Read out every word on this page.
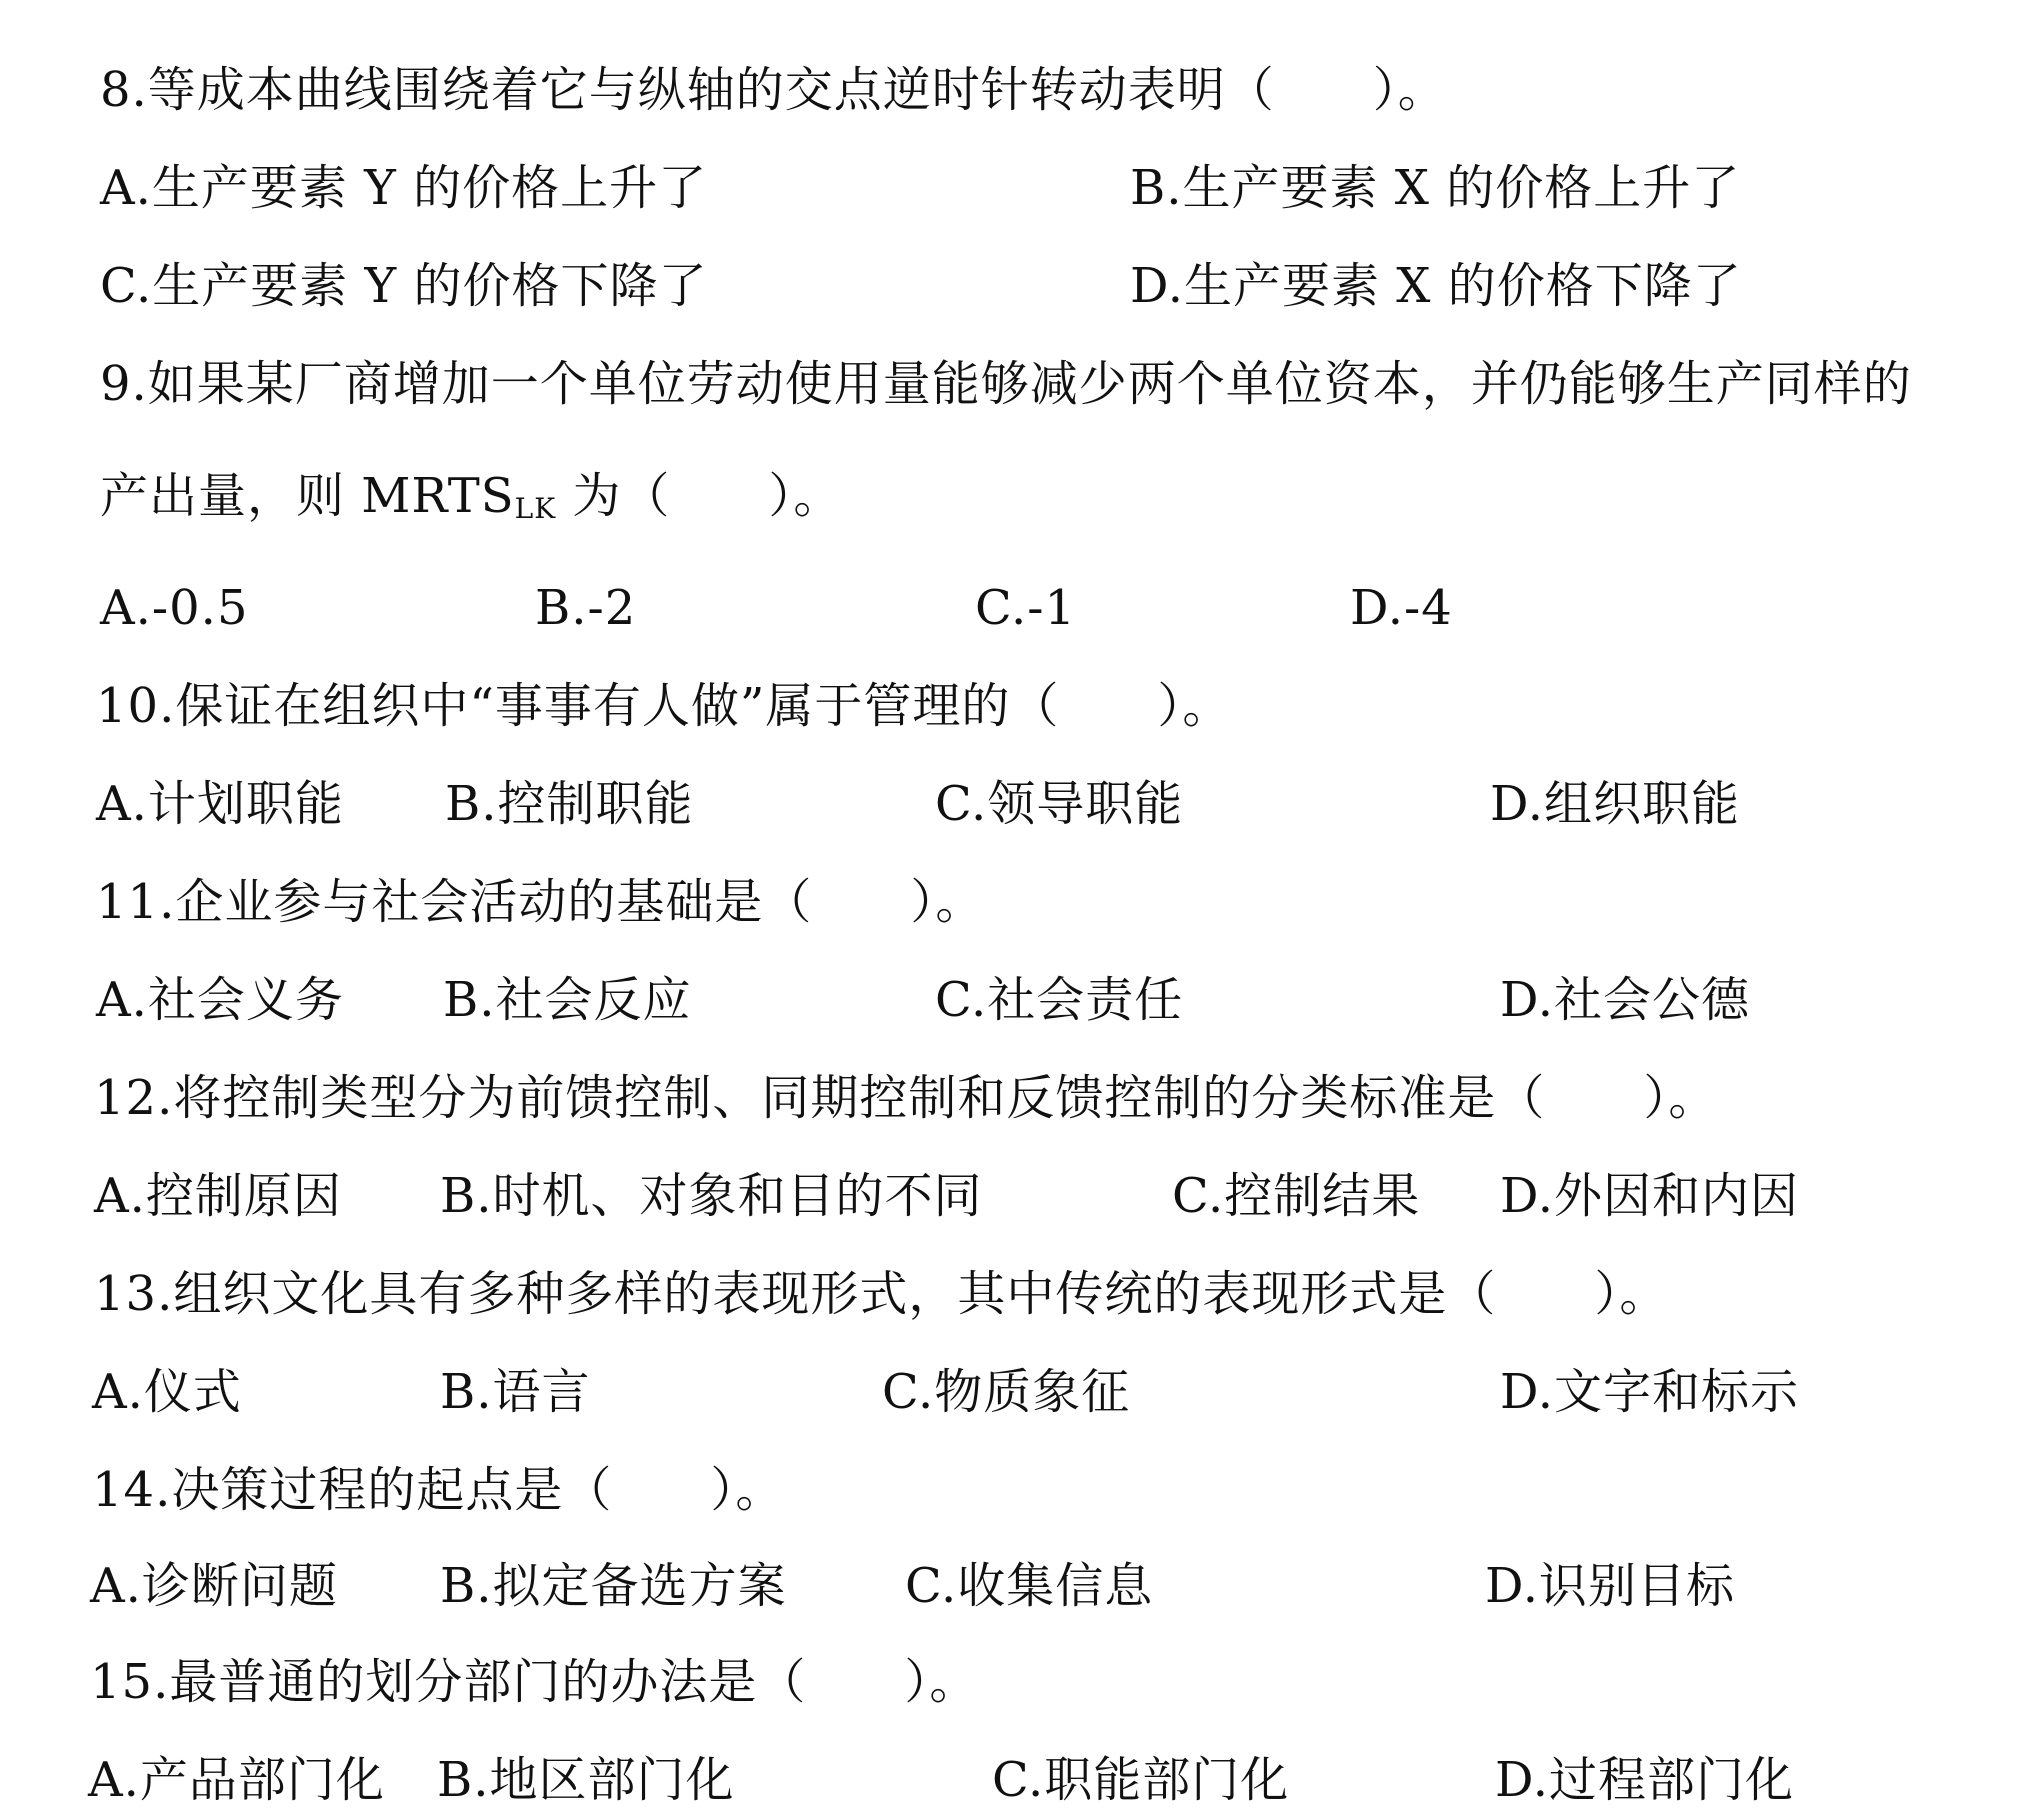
8.等成本曲线围绕着它与纵轴的交点逆时针转动表明（　　）。
A.生产要素 Y 的价格上升了	B.生产要素 X 的价格上升了
C.生产要素 Y 的价格下降了	D.生产要素 X 的价格下降了
9.如果某厂商增加一个单位劳动使用量能够减少两个单位资本，并仍能够生产同样的
产出量，则 $MRTS_{LK}$ 为（　　）。
A.-0.5	B.-2	C.-1	D.-4
10.保证在组织中“事事有人做”属于管理的（　　）。
A.计划职能 B.控制职能	C.领导职能	D.组织职能
11.企业参与社会活动的基础是（　　）。
A.社会义务 B.社会反应	C.社会责任	D.社会公德
12.将控制类型分为前馈控制、同期控制和反馈控制的分类标准是（　　）。
A.控制原因 B.时机、对象和目的不同	C.控制结果 D.外因和内因
13.组织文化具有多种多样的表现形式，其中传统的表现形式是（　　）。
A.仪式	B.语言	C.物质象征	D.文字和标示
14.决策过程的起点是（　　）。
A.诊断问题 B.拟定备选方案 C.收集信息	D.识别目标
15.最普通的划分部门的办法是（　　）。
A.产品部门化 B.地区部门化	C.职能部门化	D.过程部门化
